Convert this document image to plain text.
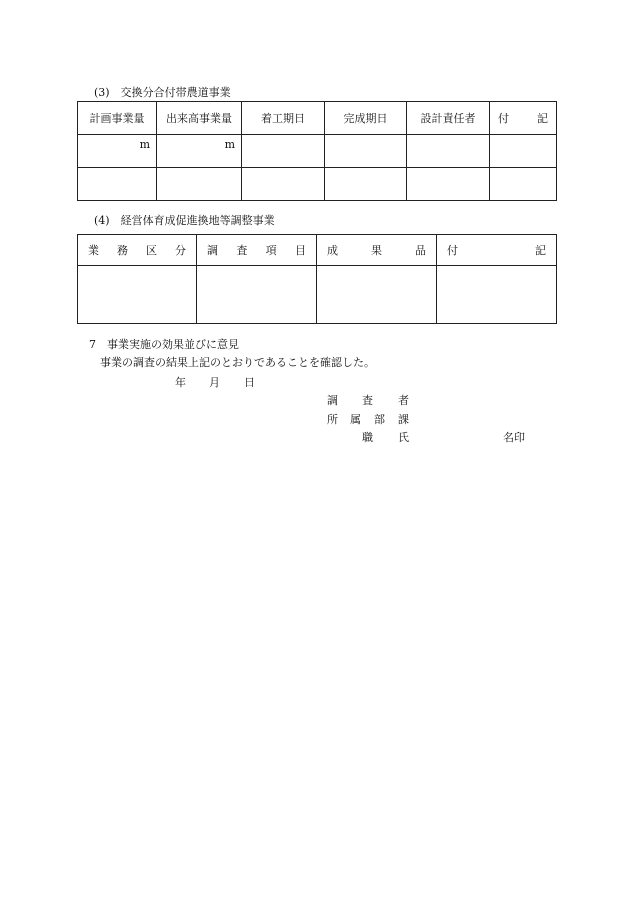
(3)　交換分合付帯農道事業
計画事業量	出来高事業量	着工期日	完成期日	設計責任者	付 記

m	m				

(4)　経営体育成促進換地等調整事業
業 務 区 分	調 査 項 目	成 果 品	付 記

7　事業実施の効果並びに意見
事業の調査の結果上記のとおりであることを確認した。
年 月 日
調 査 者
所 属 部 課
職 氏	名印
